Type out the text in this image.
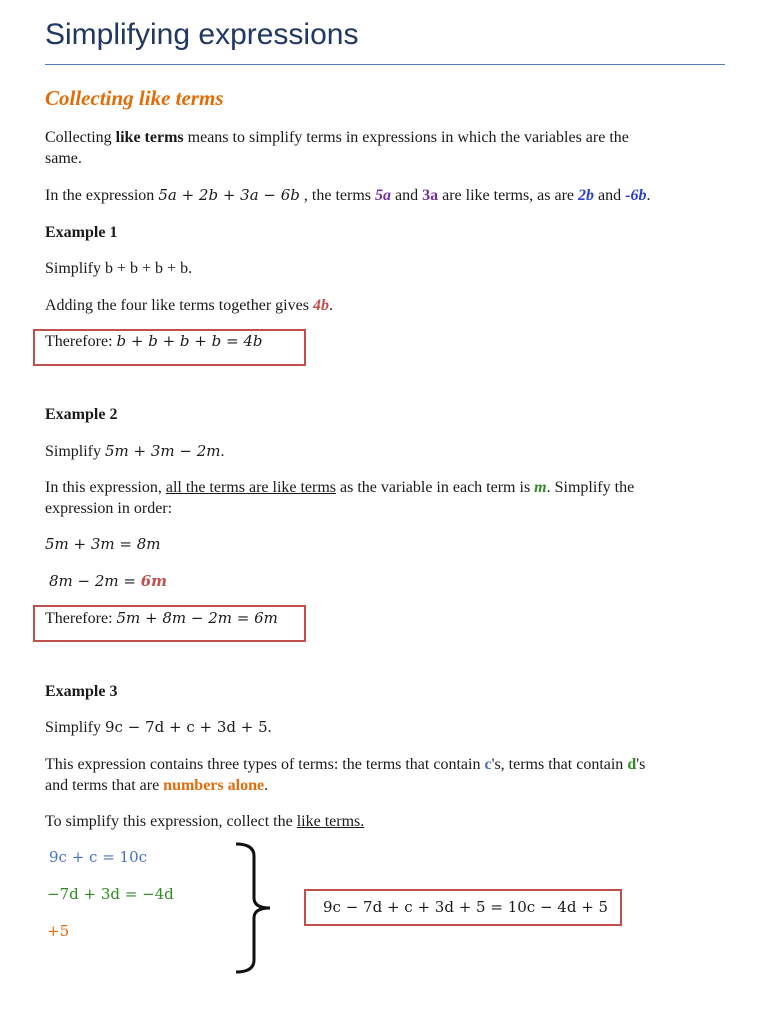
Simplifying expressions
Collecting like terms
Collecting like terms means to simplify terms in expressions in which the variables are the
same.
In the expression 5a + 2b + 3a − 6b , the terms 5a and 3a are like terms, as are 2b and -6b.
Example 1
Simplify b + b + b + b.
Adding the four like terms together gives 4b.
Therefore: b + b + b + b = 4b
Example 2
Simplify 5m + 3m − 2m.
In this expression, all the terms are like terms as the variable in each term is m. Simplify the
expression in order:
5m + 3m = 8m
8m − 2m = 6m
Therefore: 5m + 8m − 2m = 6m
Example 3
Simplify 9c − 7d + c + 3d + 5.
This expression contains three types of terms: the terms that contain c's, terms that contain d's
and terms that are numbers alone.
To simplify this expression, collect the like terms.
9c + c = 10c
−7d + 3d = −4d
+5
9c − 7d + c + 3d + 5 = 10c − 4d + 5
